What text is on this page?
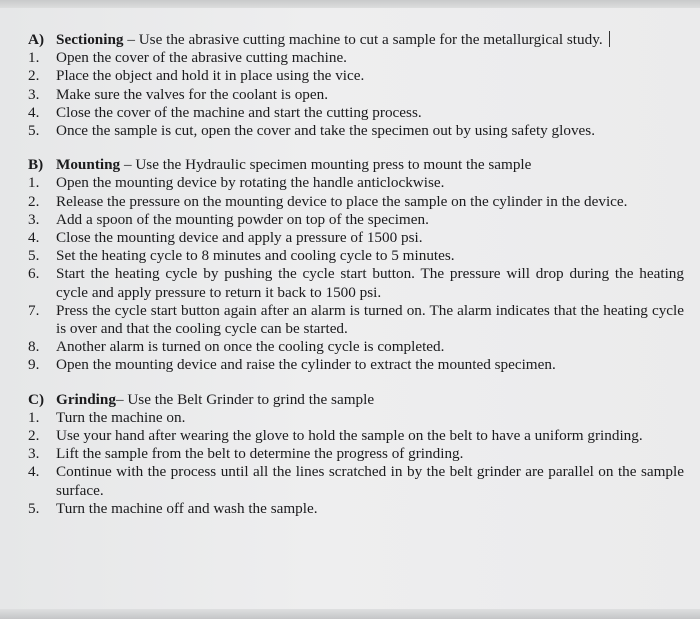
A) Sectioning – Use the abrasive cutting machine to cut a sample for the metallurgical study.
1.	Open the cover of the abrasive cutting machine.
2.	Place the object and hold it in place using the vice.
3.	Make sure the valves for the coolant is open.
4.	Close the cover of the machine and start the cutting process.
5.	Once the sample is cut, open the cover and take the specimen out by using safety gloves.
B) Mounting – Use the Hydraulic specimen mounting press to mount the sample
1.	Open the mounting device by rotating the handle anticlockwise.
2.	Release the pressure on the mounting device to place the sample on the cylinder in the device.
3.	Add a spoon of the mounting powder on top of the specimen.
4.	Close the mounting device and apply a pressure of 1500 psi.
5.	Set the heating cycle to 8 minutes and cooling cycle to 5 minutes.
6.	Start the heating cycle by pushing the cycle start button. The pressure will drop during the heating cycle and apply pressure to return it back to 1500 psi.
7.	Press the cycle start button again after an alarm is turned on. The alarm indicates that the heating cycle is over and that the cooling cycle can be started.
8.	Another alarm is turned on once the cooling cycle is completed.
9.	Open the mounting device and raise the cylinder to extract the mounted specimen.
C) Grinding – Use the Belt Grinder to grind the sample
1.	Turn the machine on.
2.	Use your hand after wearing the glove to hold the sample on the belt to have a uniform grinding.
3.	Lift the sample from the belt to determine the progress of grinding.
4.	Continue with the process until all the lines scratched in by the belt grinder are parallel on the sample surface.
5.	Turn the machine off and wash the sample.
